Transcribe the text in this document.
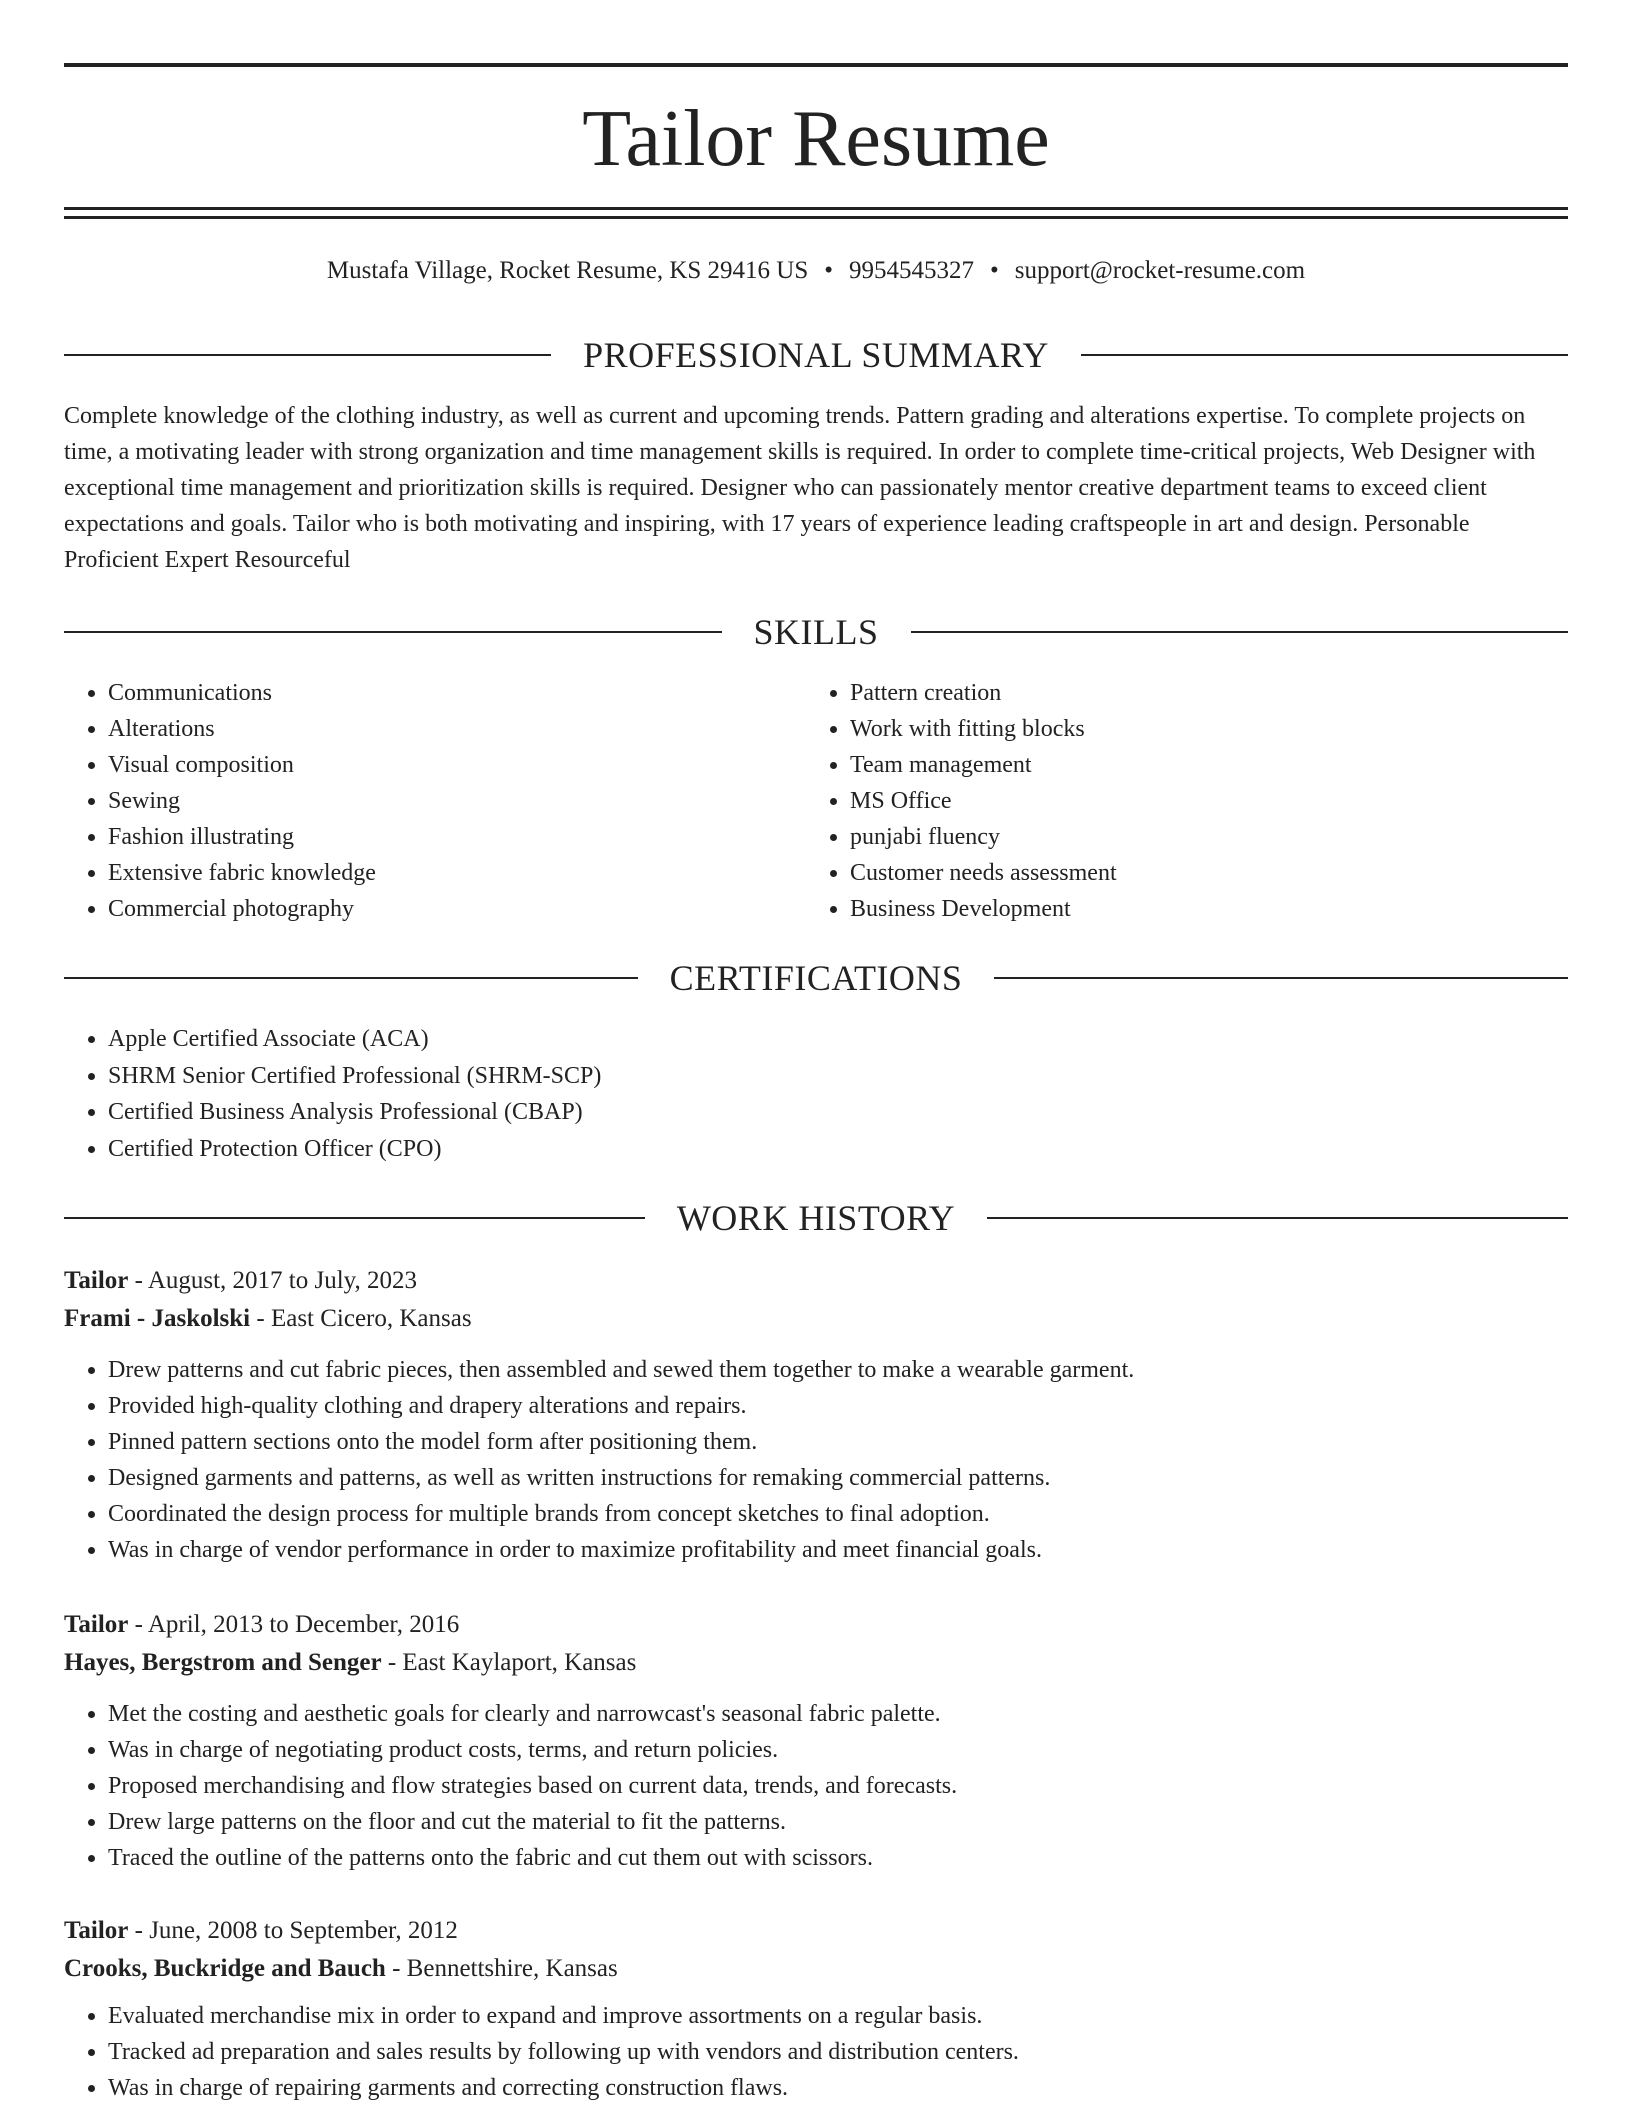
Tailor Resume
Mustafa Village, Rocket Resume, KS 29416 US • 9954545327 • support@rocket-resume.com
PROFESSIONAL SUMMARY
Complete knowledge of the clothing industry, as well as current and upcoming trends. Pattern grading and alterations expertise. To complete projects on time, a motivating leader with strong organization and time management skills is required. In order to complete time-critical projects, Web Designer with exceptional time management and prioritization skills is required. Designer who can passionately mentor creative department teams to exceed client expectations and goals. Tailor who is both motivating and inspiring, with 17 years of experience leading craftspeople in art and design. Personable Proficient Expert Resourceful
SKILLS
• Communications
• Alterations
• Visual composition
• Sewing
• Fashion illustrating
• Extensive fabric knowledge
• Commercial photography
• Pattern creation
• Work with fitting blocks
• Team management
• MS Office
• punjabi fluency
• Customer needs assessment
• Business Development
CERTIFICATIONS
• Apple Certified Associate (ACA)
• SHRM Senior Certified Professional (SHRM-SCP)
• Certified Business Analysis Professional (CBAP)
• Certified Protection Officer (CPO)
WORK HISTORY
Tailor - August, 2017 to July, 2023
Frami - Jaskolski - East Cicero, Kansas
• Drew patterns and cut fabric pieces, then assembled and sewed them together to make a wearable garment.
• Provided high-quality clothing and drapery alterations and repairs.
• Pinned pattern sections onto the model form after positioning them.
• Designed garments and patterns, as well as written instructions for remaking commercial patterns.
• Coordinated the design process for multiple brands from concept sketches to final adoption.
• Was in charge of vendor performance in order to maximize profitability and meet financial goals.
Tailor - April, 2013 to December, 2016
Hayes, Bergstrom and Senger - East Kaylaport, Kansas
• Met the costing and aesthetic goals for clearly and narrowcast's seasonal fabric palette.
• Was in charge of negotiating product costs, terms, and return policies.
• Proposed merchandising and flow strategies based on current data, trends, and forecasts.
• Drew large patterns on the floor and cut the material to fit the patterns.
• Traced the outline of the patterns onto the fabric and cut them out with scissors.
Tailor - June, 2008 to September, 2012
Crooks, Buckridge and Bauch - Bennettshire, Kansas
• Evaluated merchandise mix in order to expand and improve assortments on a regular basis.
• Tracked ad preparation and sales results by following up with vendors and distribution centers.
• Was in charge of repairing garments and correcting construction flaws.
